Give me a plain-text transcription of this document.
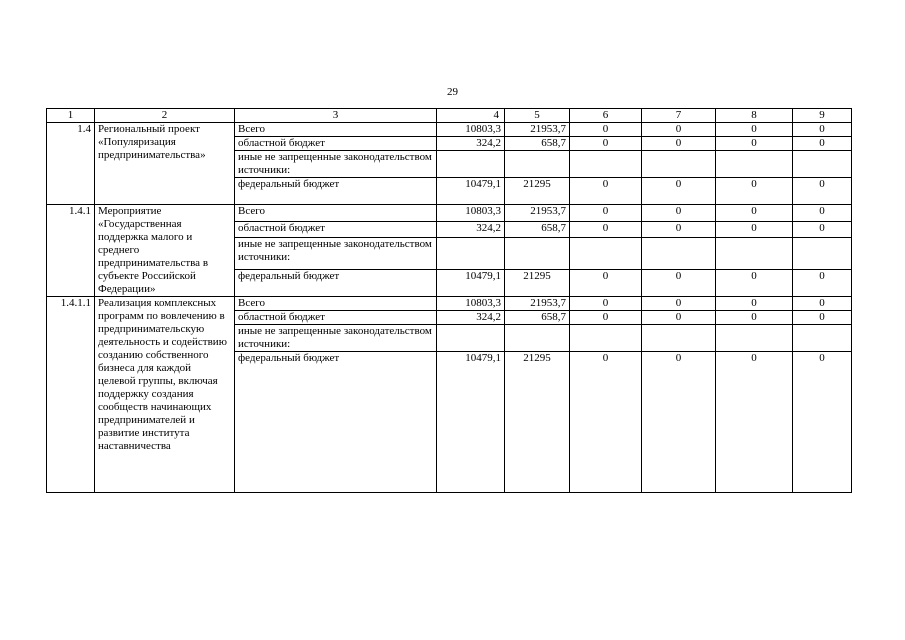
29
1	2	3	4	5	6	7	8	9
1.4	Региональный проект «Популяризация предпринимательства»	Всего	10803,3	21953,7	0	0	0	0
		областной бюджет	324,2	658,7	0	0	0	0
		иные не запрещенные законодательством источники:						
		федеральный бюджет	10479,1	21295	0	0	0	0
1.4.1	Мероприятие «Государственная поддержка малого и среднего предпринимательства в субъекте Российской Федерации»	Всего	10803,3	21953,7	0	0	0	0
		областной бюджет	324,2	658,7	0	0	0	0
		иные не запрещенные законодательством источники:						
		федеральный бюджет	10479,1	21295	0	0	0	0
1.4.1.1	Реализация комплексных программ по вовлечению в предпринимательскую деятельность и содействию созданию собственного бизнеса для каждой целевой группы, включая поддержку создания сообществ начинающих предпринимателей и развитие института наставничества	Всего	10803,3	21953,7	0	0	0	0
		областной бюджет	324,2	658,7	0	0	0	0
		иные не запрещенные законодательством источники:						
		федеральный бюджет	10479,1	21295	0	0	0	0
